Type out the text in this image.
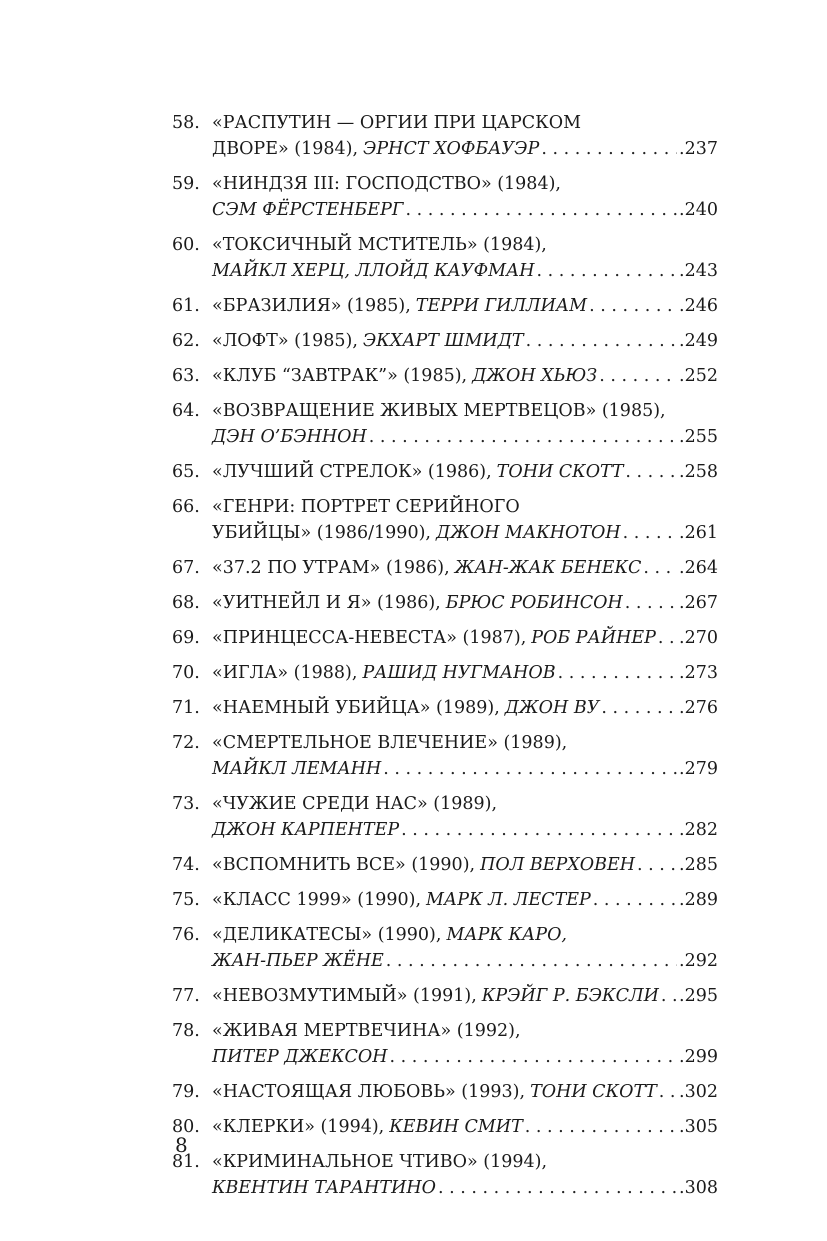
58. «РАСПУТИН — ОРГИИ ПРИ ЦАРСКОМ
ДВОРЕ» (1984), ЭРНСТ ХОФБАУЭР . . .	.237
59. «НИНДЗЯ III: ГОСПОДСТВО» (1984),
СЭМ ФЁРСТЕНБЕРГ . . .	.240
60. «ТОКСИЧНЫЙ МСТИТЕЛЬ» (1984),
МАЙКЛ ХЕРЦ, ЛЛОЙД КАУФМАН . . .	.243
61. «БРАЗИЛИЯ» (1985), ТЕРРИ ГИЛЛИАМ . . .	.246
62. «ЛОФТ» (1985), ЭКХАРТ ШМИДТ . . .	.249
63. «КЛУБ “ЗАВТРАК”» (1985), ДЖОН ХЬЮЗ . . .	.252
64. «ВОЗВРАЩЕНИЕ ЖИВЫХ МЕРТВЕЦОВ» (1985),
ДЭН О’БЭННОН . . .	.255
65. «ЛУЧШИЙ СТРЕЛОК» (1986), ТОНИ СКОТТ . . .	.258
66. «ГЕНРИ: ПОРТРЕТ СЕРИЙНОГО
УБИЙЦЫ» (1986/1990), ДЖОН МАКНОТОН . . .	.261
67. «37.2 ПО УТРАМ» (1986), ЖАН-ЖАК БЕНЕКС . . . .264
68. «УИТНЕЙЛ И Я» (1986), БРЮС РОБИНСОН . . .	.267
69. «ПРИНЦЕССА-НЕВЕСТА» (1987), РОБ РАЙНЕР . . . .270
70. «ИГЛА» (1988), РАШИД НУГМАНОВ . . .	.273
71. «НАЕМНЫЙ УБИЙЦА» (1989), ДЖОН ВУ . . .	.276
72. «СМЕРТЕЛЬНОЕ ВЛЕЧЕНИЕ» (1989),
МАЙКЛ ЛЕМАНН . . .	.279
73. «ЧУЖИЕ СРЕДИ НАС» (1989),
ДЖОН КАРПЕНТЕР . . .	.282
74. «ВСПОМНИТЬ ВСЕ» (1990), ПОЛ ВЕРХОВЕН . . .	.285
75. «КЛАСС 1999» (1990), МАРК Л. ЛЕСТЕР . . .	.289
76. «ДЕЛИКАТЕСЫ» (1990), МАРК КАРО,
ЖАН-ПЬЕР ЖЁНЕ . . .	.292
77. «НЕВОЗМУТИМЫЙ» (1991), КРЭЙГ Р. БЭКСЛИ . . . .295
78. «ЖИВАЯ МЕРТВЕЧИНА» (1992),
ПИТЕР ДЖЕКСОН . . .	.299
79. «НАСТОЯЩАЯ ЛЮБОВЬ» (1993), ТОНИ СКОТТ . . . .302
80. «КЛЕРКИ» (1994), КЕВИН СМИТ . . .	.305
81. «КРИМИНАЛЬНОЕ ЧТИВО» (1994),
КВЕНТИН ТАРАНТИНО . . .	.308
8
